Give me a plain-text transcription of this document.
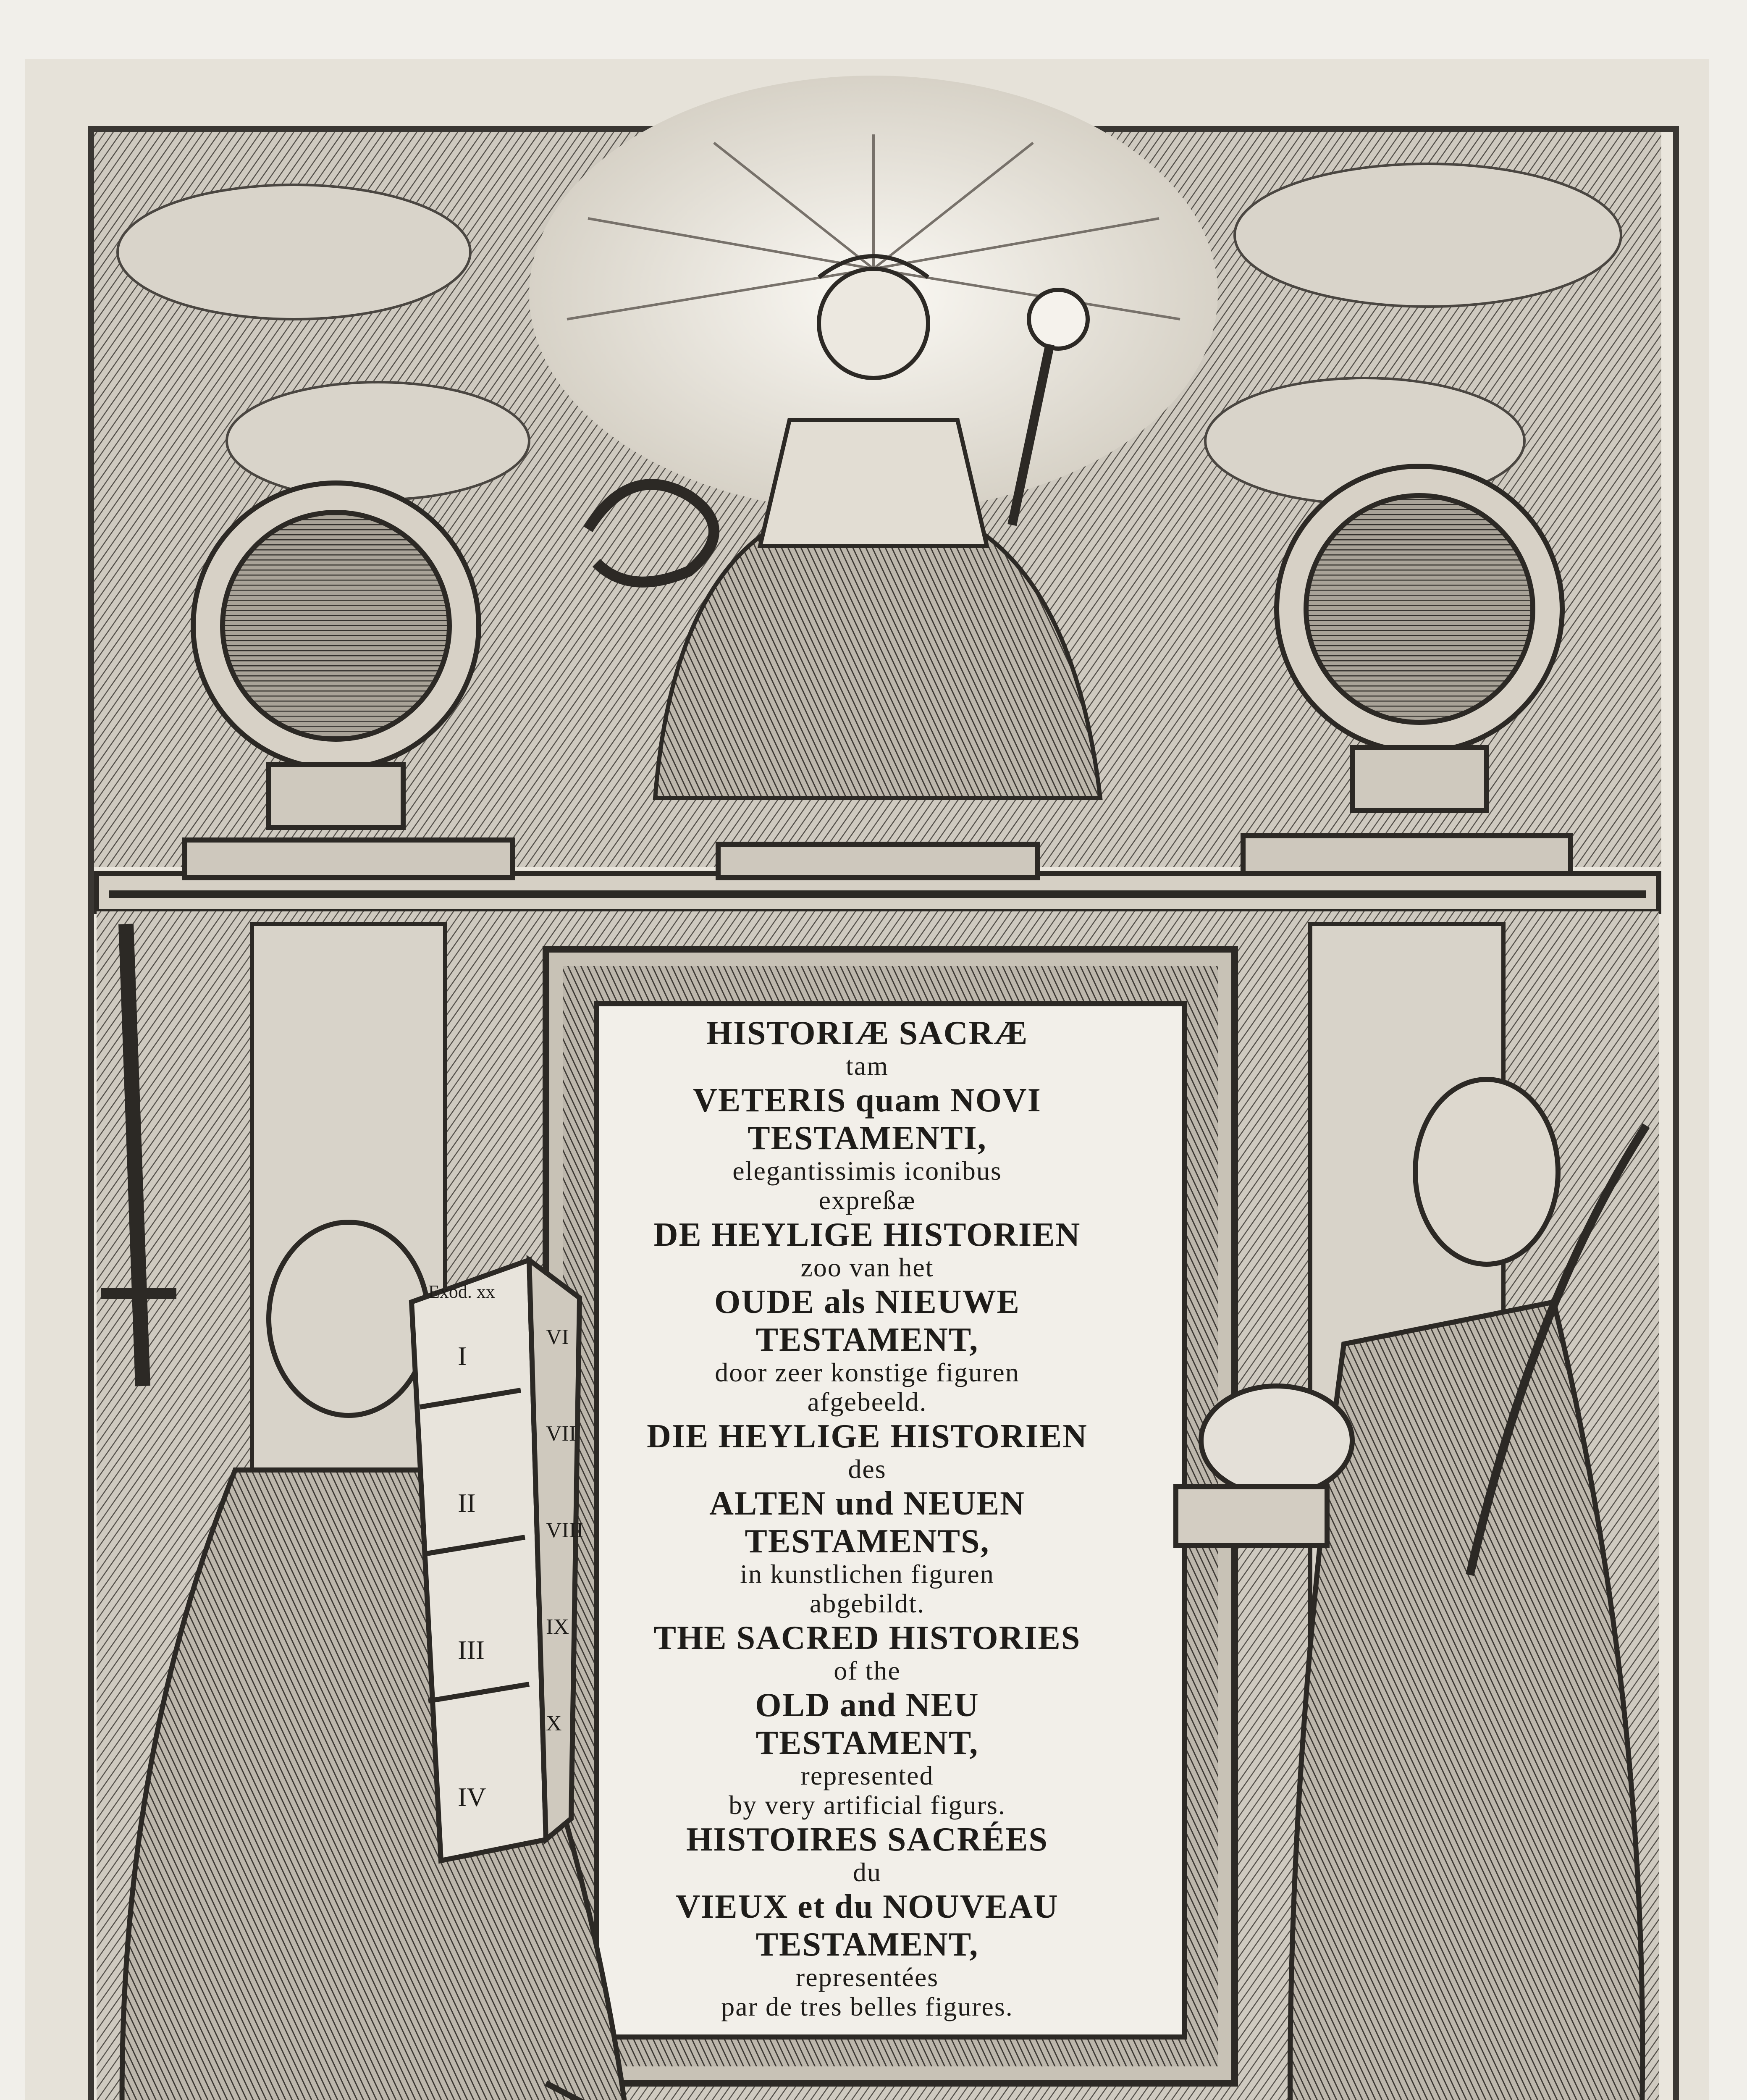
Exod. xx
I
II
III
IV
VI
VII
VIII
IX
X
HISTORIÆ SACRÆ
tam
VETERIS quam NOVI
TESTAMENTI,
elegantissimis iconibus
expreßæ
DE HEYLIGE HISTORIEN
zoo van het
OUDE als NIEUWE
TESTAMENT,
door zeer konstige figuren
afgebeeld.
DIE HEYLIGE HISTORIEN
des
ALTEN und NEUEN
TESTAMENTS,
in kunstlichen figuren
abgebildt.
THE SACRED HISTORIES
of the
OLD and NEU
TESTAMENT,
represented
by very artificial figurs.
HISTOIRES SACRÉES
du
VIEUX et du NOUVEAU
TESTAMENT,
representées
par de tres belles figures.
